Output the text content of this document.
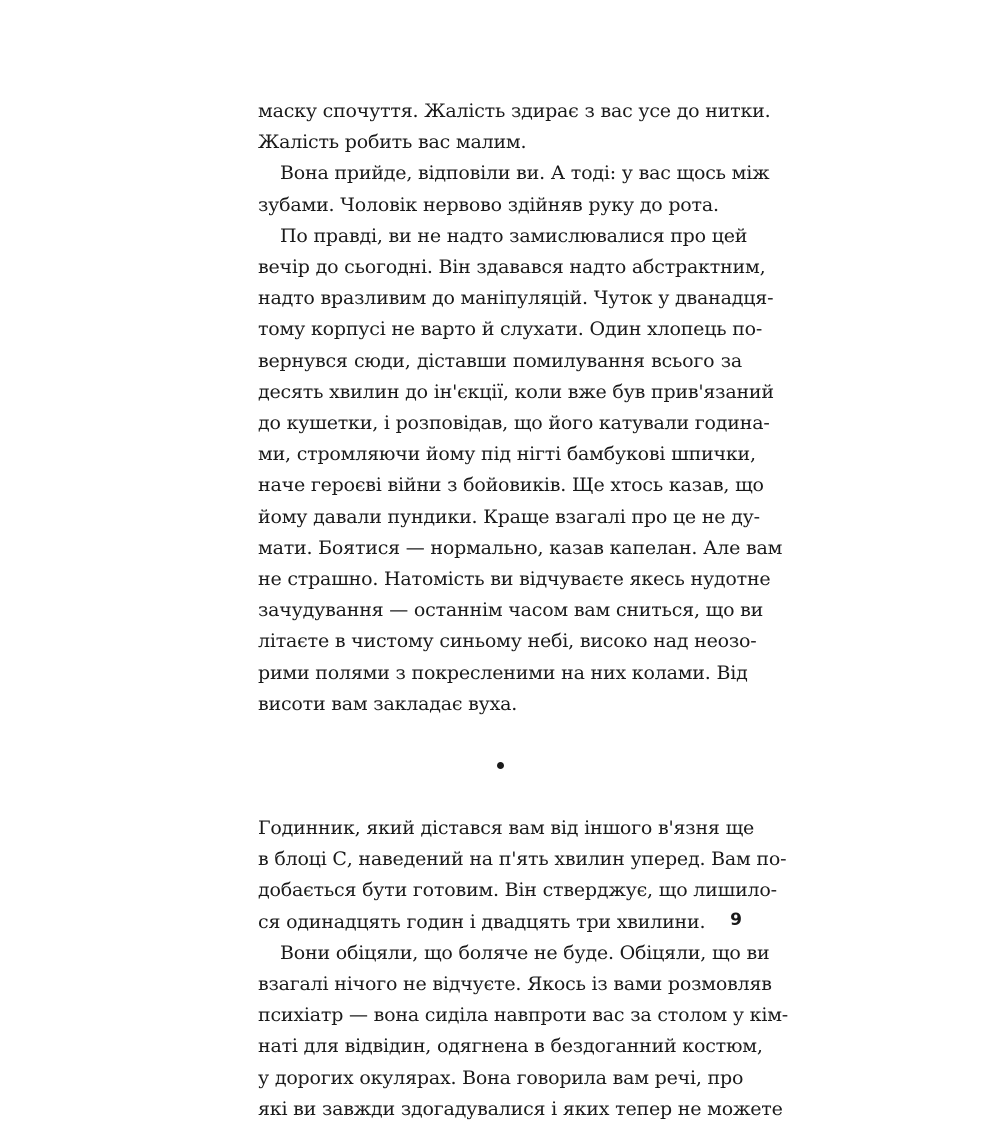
маску спочуття. Жалість здирає з вас усе до нитки.
Жалість робить вас малим.
Вона прийде, відповіли ви. А тоді: у вас щось між
зубами. Чоловік нервово здійняв руку до рота.
По правді, ви не надто замислювалися про цей
вечір до сьогодні. Він здавався надто абстрактним,
надто вразливим до маніпуляцій. Чуток у дванадця-
тому корпусі не варто й слухати. Один хлопець по-
вернувся сюди, діставши помилування всього за
десять хвилин до ін'єкції, коли вже був прив'язаний
до кушетки, і розповідав, що його катували година-
ми, стромляючи йому під нігті бамбукові шпички,
наче героєві війни з бойовиків. Ще хтось казав, що
йому давали пундики. Краще взагалі про це не ду-
мати. Боятися — нормально, казав капелан. Але вам
не страшно. Натомість ви відчуваєте якесь нудотне
зачудування — останнім часом вам сниться, що ви
літаєте в чистому синьому небі, високо над неозо-
рими полями з покресленими на них колами. Від
висоти вам закладає вуха.
Годинник, який дістався вам від іншого в'язня ще
в блоці С, наведений на п'ять хвилин уперед. Вам по-
добається бути готовим. Він стверджує, що лишило-
ся одинадцять годин і двадцять три хвилини.
Вони обіцяли, що боляче не буде. Обіцяли, що ви
взагалі нічого не відчуєте. Якось із вами розмовляв
психіатр — вона сиділа навпроти вас за столом у кім-
наті для відвідин, одягнена в бездоганний костюм,
у дорогих окулярах. Вона говорила вам речі, про
які ви завжди здогадувалися і яких тепер не можете
9
